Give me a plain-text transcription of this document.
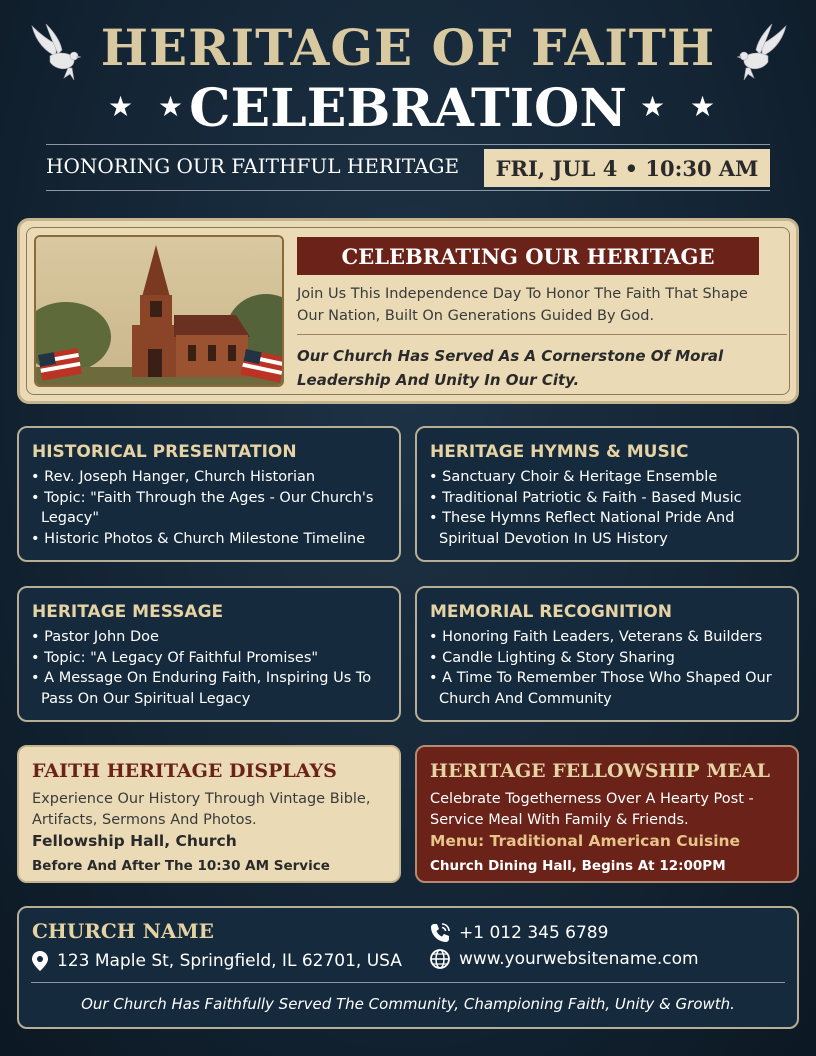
HERITAGE OF FAITH
CELEBRATION
★ ★	★ ★
HONORING OUR FAITHFUL HERITAGE	FRI, JUL 4 • 10:30 AM
CELEBRATING OUR HERITAGE
Join Us This Independence Day To Honor The Faith That Shape Our Nation, Built On Generations Guided By God.
Our Church Has Served As A Cornerstone Of Moral Leadership And Unity In Our City.
HISTORICAL PRESENTATION
• Rev. Joseph Hanger, Church Historian
• Topic: "Faith Through the Ages - Our Church's Legacy"
• Historic Photos & Church Milestone Timeline
HERITAGE HYMNS & MUSIC
• Sanctuary Choir & Heritage Ensemble
• Traditional Patriotic & Faith - Based Music
• These Hymns Reflect National Pride And Spiritual Devotion In US History
HERITAGE MESSAGE
• Pastor John Doe
• Topic: "A Legacy Of Faithful Promises"
• A Message On Enduring Faith, Inspiring Us To Pass On Our Spiritual Legacy
MEMORIAL RECOGNITION
• Honoring Faith Leaders, Veterans & Builders
• Candle Lighting & Story Sharing
• A Time To Remember Those Who Shaped Our Church And Community
FAITH HERITAGE DISPLAYS
Experience Our History Through Vintage Bible, Artifacts, Sermons And Photos.
Fellowship Hall, Church
Before And After The 10:30 AM Service
HERITAGE FELLOWSHIP MEAL
Celebrate Togetherness Over A Hearty Post - Service Meal With Family & Friends.
Menu: Traditional American Cuisine
Church Dining Hall, Begins At 12:00PM
CHURCH NAME
123 Maple St, Springfield, IL 62701, USA
+1 012 345 6789
www.yourwebsitename.com
Our Church Has Faithfully Served The Community, Championing Faith, Unity & Growth.
